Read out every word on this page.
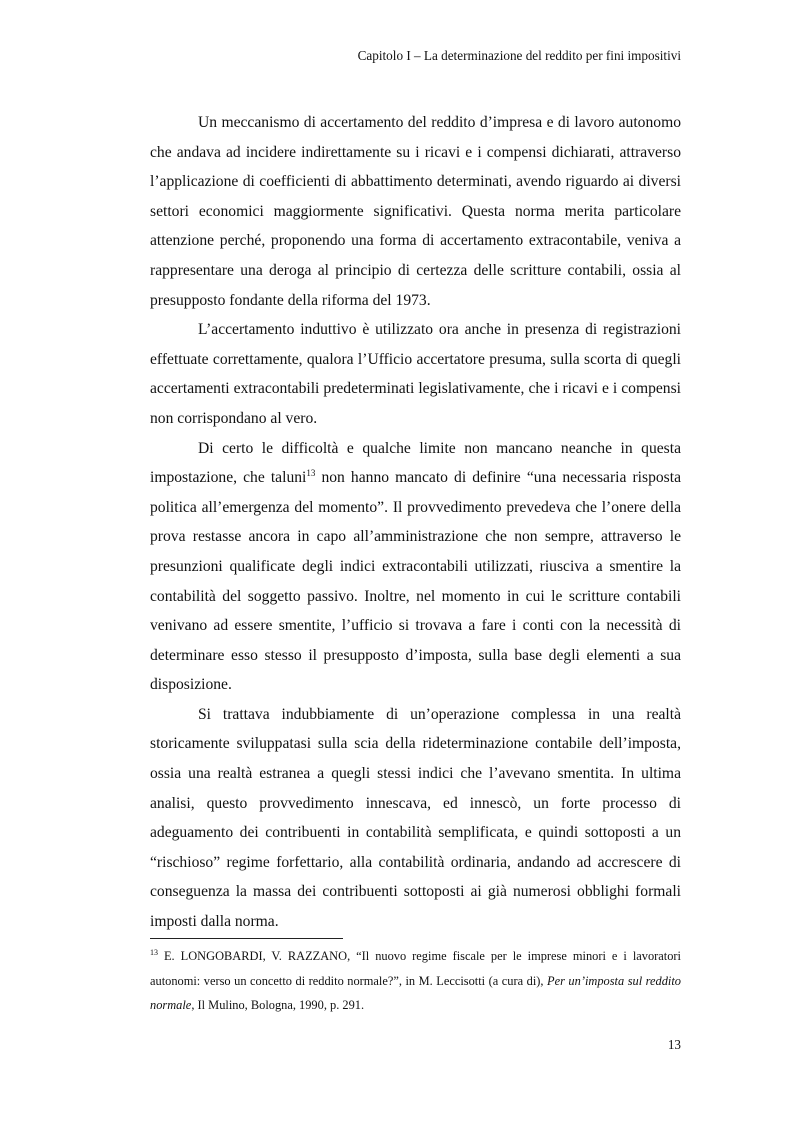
Capitolo I – La determinazione del reddito per fini impositivi

Un meccanismo di accertamento del reddito d’impresa e di lavoro autonomo che andava ad incidere indirettamente su i ricavi e i compensi dichiarati, attraverso l’applicazione di coefficienti di abbattimento determinati, avendo riguardo ai diversi settori economici maggiormente significativi. Questa norma merita particolare attenzione perché, proponendo una forma di accertamento extracontabile, veniva a rappresentare una deroga al principio di certezza delle scritture contabili, ossia al presupposto fondante della riforma del 1973.

L’accertamento induttivo è utilizzato ora anche in presenza di registrazioni effettuate correttamente, qualora l’Ufficio accertatore presuma, sulla scorta di quegli accertamenti extracontabili predeterminati legislativamente, che i ricavi e i compensi non corrispondano al vero.

Di certo le difficoltà e qualche limite non mancano neanche in questa impostazione, che taluni$^{13}$ non hanno mancato di definire “una necessaria risposta politica all’emergenza del momento”. Il provvedimento prevedeva che l’onere della prova restasse ancora in capo all’amministrazione che non sempre, attraverso le presunzioni qualificate degli indici extracontabili utilizzati, riusciva a smentire la contabilità del soggetto passivo. Inoltre, nel momento in cui le scritture contabili venivano ad essere smentite, l’ufficio si trovava a fare i conti con la necessità di determinare esso stesso il presupposto d’imposta, sulla base degli elementi a sua disposizione.

Si trattava indubbiamente di un’operazione complessa in una realtà storicamente sviluppatasi sulla scia della rideterminazione contabile dell’imposta, ossia una realtà estranea a quegli stessi indici che l’avevano smentita. In ultima analisi, questo provvedimento innescava, ed innescò, un forte processo di adeguamento dei contribuenti in contabilità semplificata, e quindi sottoposti a un “rischioso” regime forfettario, alla contabilità ordinaria, andando ad accrescere di conseguenza la massa dei contribuenti sottoposti ai già numerosi obblighi formali imposti dalla norma.

$^{13}$ E. LONGOBARDI, V. RAZZANO, “Il nuovo regime fiscale per le imprese minori e i lavoratori autonomi: verso un concetto di reddito normale?”, in M. Leccisotti (a cura di), Per un’imposta sul reddito normale, Il Mulino, Bologna, 1990, p. 291.
13
